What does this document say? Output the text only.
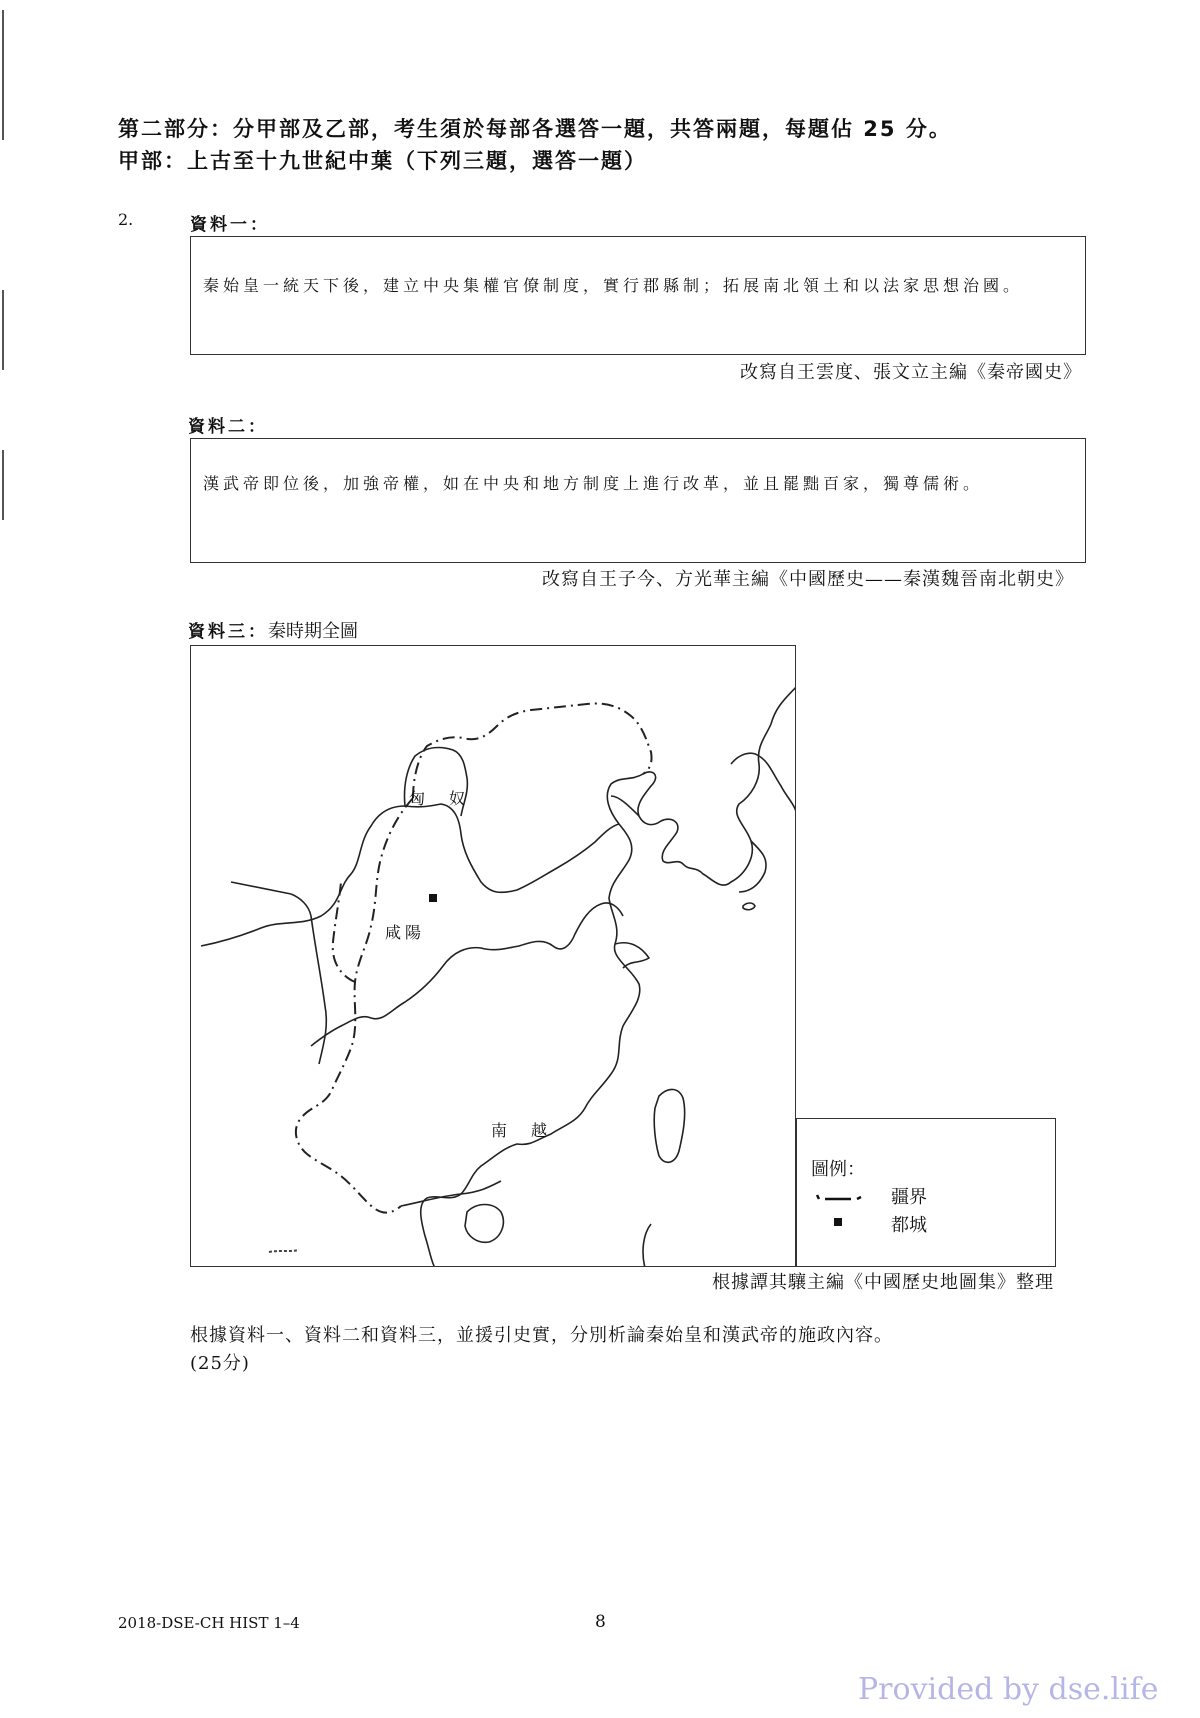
第二部分：分甲部及乙部，考生須於每部各選答一題，共答兩題，每題佔 25 分。
甲部：上古至十九世紀中葉（下列三題，選答一題）
2.	資料一：
秦始皇一統天下後，建立中央集權官僚制度，實行郡縣制；拓展南北領土和以法家思想治國。
改寫自王雲度、張文立主編《秦帝國史》
資料二：
漢武帝即位後，加強帝權，如在中央和地方制度上進行改革，並且罷黜百家，獨尊儒術。
改寫自王子今、方光華主編《中國歷史——秦漢魏晉南北朝史》
資料三：秦時期全圖
匈　奴
咸陽
南　越
圖例：
疆界
都城
根據譚其驤主編《中國歷史地圖集》整理
根據資料一、資料二和資料三，並援引史實，分別析論秦始皇和漢武帝的施政內容。
(25分)
2018-DSE-CH HIST 1–4	8
Provided by dse.life
